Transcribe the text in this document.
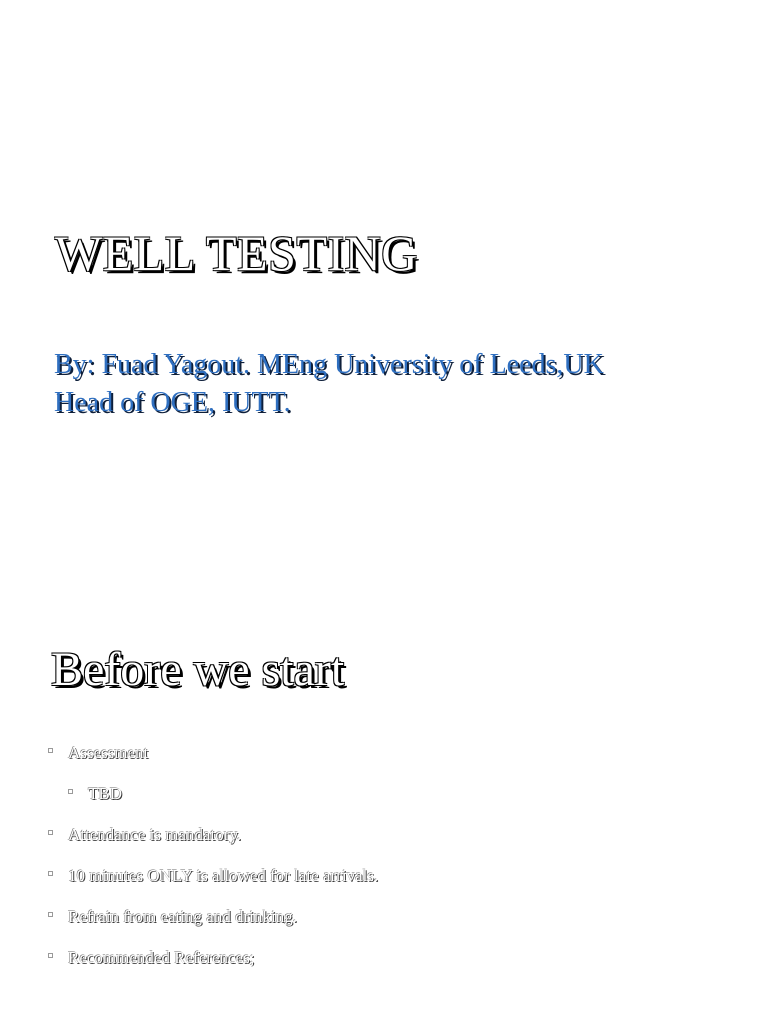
WELL TESTING
By: Fuad Yagout. MEng University of Leeds,UK
Head of OGE, IUTT.
Before we start
Assessment
TBD
Attendance is mandatory.
10 minutes ONLY is allowed for late arrivals.
Refrain from eating and drinking.
Recommended References;
